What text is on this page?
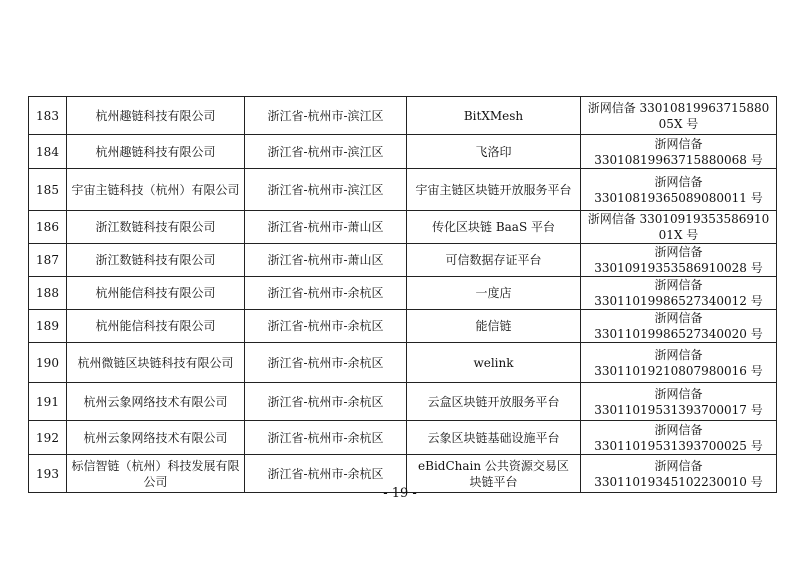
183	杭州趣链科技有限公司	浙江省-杭州市-滨江区	BitXMesh	浙网信备 33010819963715880​05X 号
184	杭州趣链科技有限公司	浙江省-杭州市-滨江区	飞洛印	浙网信备 330108199637158800​68 号
185	宇宙主链科技（杭州）有限公司	浙江省-杭州市-滨江区	宇宙主链区块链开放服务平台	浙网信备 330108193650890800​11 号
186	浙江数链科技有限公司	浙江省-杭州市-萧山区	传化区块链 BaaS 平台	浙网信备 33010919353586910​01X 号
187	浙江数链科技有限公司	浙江省-杭州市-萧山区	可信数据存证平台	浙网信备 330109193535869100​28 号
188	杭州能信科技有限公司	浙江省-杭州市-余杭区	一度店	浙网信备 330110199865273400​12 号
189	杭州能信科技有限公司	浙江省-杭州市-余杭区	能信链	浙网信备 330110199865273400​20 号
190	杭州微链区块链科技有限公司	浙江省-杭州市-余杭区	welink	浙网信备 330110192108079800​16 号
191	杭州云象网络技术有限公司	浙江省-杭州市-余杭区	云盒区块链开放服务平台	浙网信备 330110195313937000​17 号
192	杭州云象网络技术有限公司	浙江省-杭州市-余杭区	云象区块链基础设施平台	浙网信备 330110195313937000​25 号
193	标信智链（杭州）科技发展有限公司	浙江省-杭州市-余杭区	eBidChain 公共资源交易区块链平台	浙网信备 330110193451022300​10 号
- 19 -
